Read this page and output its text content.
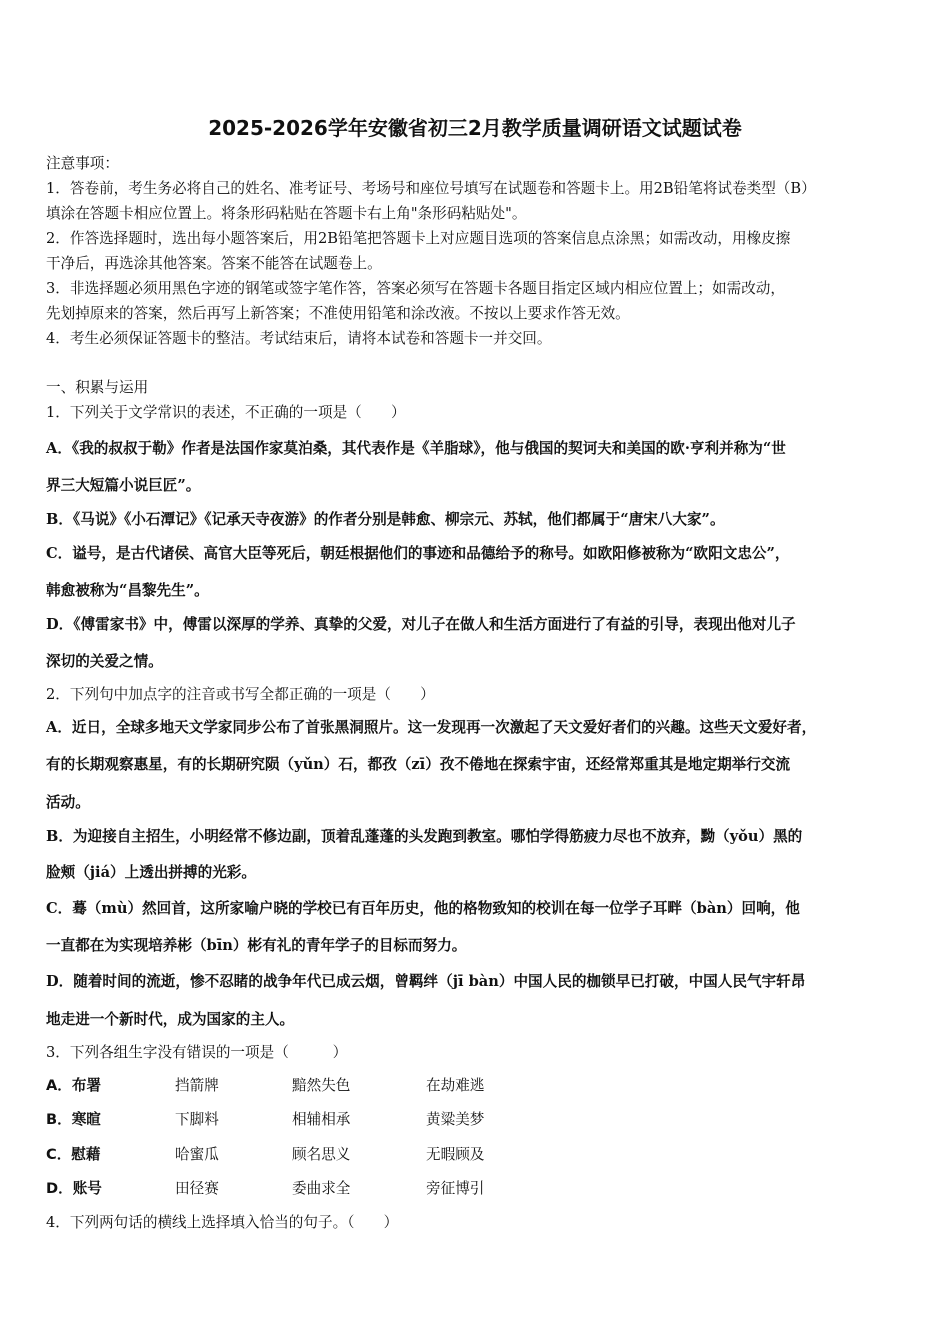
2025-2026学年安徽省初三2月教学质量调研语文试题试卷
注意事项：
1．答卷前，考生务必将自己的姓名、准考证号、考场号和座位号填写在试题卷和答题卡上。用2B铅笔将试卷类型（B）
填涂在答题卡相应位置上。将条形码粘贴在答题卡右上角"条形码粘贴处"。
2．作答选择题时，选出每小题答案后，用2B铅笔把答题卡上对应题目选项的答案信息点涂黑；如需改动，用橡皮擦
干净后，再选涂其他答案。答案不能答在试题卷上。
3．非选择题必须用黑色字迹的钢笔或签字笔作答，答案必须写在答题卡各题目指定区域内相应位置上；如需改动，
先划掉原来的答案，然后再写上新答案；不准使用铅笔和涂改液。不按以上要求作答无效。
4．考生必须保证答题卡的整洁。考试结束后，请将本试卷和答题卡一并交回。
一、积累与运用
1．下列关于文学常识的表述，不正确的一项是（　　）
A．《我的叔叔于勒》作者是法国作家莫泊桑，其代表作是《羊脂球》，他与俄国的契诃夫和美国的欧·亨利并称为“世
界三大短篇小说巨匠”。
B．《马说》《小石潭记》《记承天寺夜游》的作者分别是韩愈、柳宗元、苏轼，他们都属于“唐宋八大家”。
C．谥号，是古代诸侯、高官大臣等死后，朝廷根据他们的事迹和品德给予的称号。如欧阳修被称为“欧阳文忠公”，
韩愈被称为“昌黎先生”。
D．《傅雷家书》中，傅雷以深厚的学养、真挚的父爱，对儿子在做人和生活方面进行了有益的引导，表现出他对儿子
深切的关爱之情。
2．下列句中加点字的注音或书写全都正确的一项是（　　）
A．近日，全球多地天文学家同步公布了首张黑洞照片。这一发现再一次激起了天文爱好者们的兴趣。这些天文爱好者，
有的长期观察惠星，有的长期研究陨（yǔn）石，都孜（zī）孜不倦地在探索宇宙，还经常郑重其是地定期举行交流
活动。
B．为迎接自主招生，小明经常不修边副，顶着乱蓬蓬的头发跑到教室。哪怕学得筋疲力尽也不放弃，黝（yǒu）黑的
脸颊（jiá）上透出拼搏的光彩。
C．蓦（mù）然回首，这所家喻户晓的学校已有百年历史，他的格物致知的校训在每一位学子耳畔（bàn）回响，他
一直都在为实现培养彬（bīn）彬有礼的青年学子的目标而努力。
D．随着时间的流逝，惨不忍睹的战争年代已成云烟，曾羁绊（jī bàn）中国人民的枷锁早已打破，中国人民气宇轩昂
地走进一个新时代，成为国家的主人。
3．下列各组生字没有错误的一项是（　　　）
A．布署	挡箭牌	黯然失色	在劫难逃
B．寒暄	下脚料	相辅相承	黄粱美梦
C．慰藉	哈蜜瓜	顾名思义	无暇顾及
D．账号	田径赛	委曲求全	旁征博引
4．下列两句话的横线上选择填入恰当的句子。（　　）
